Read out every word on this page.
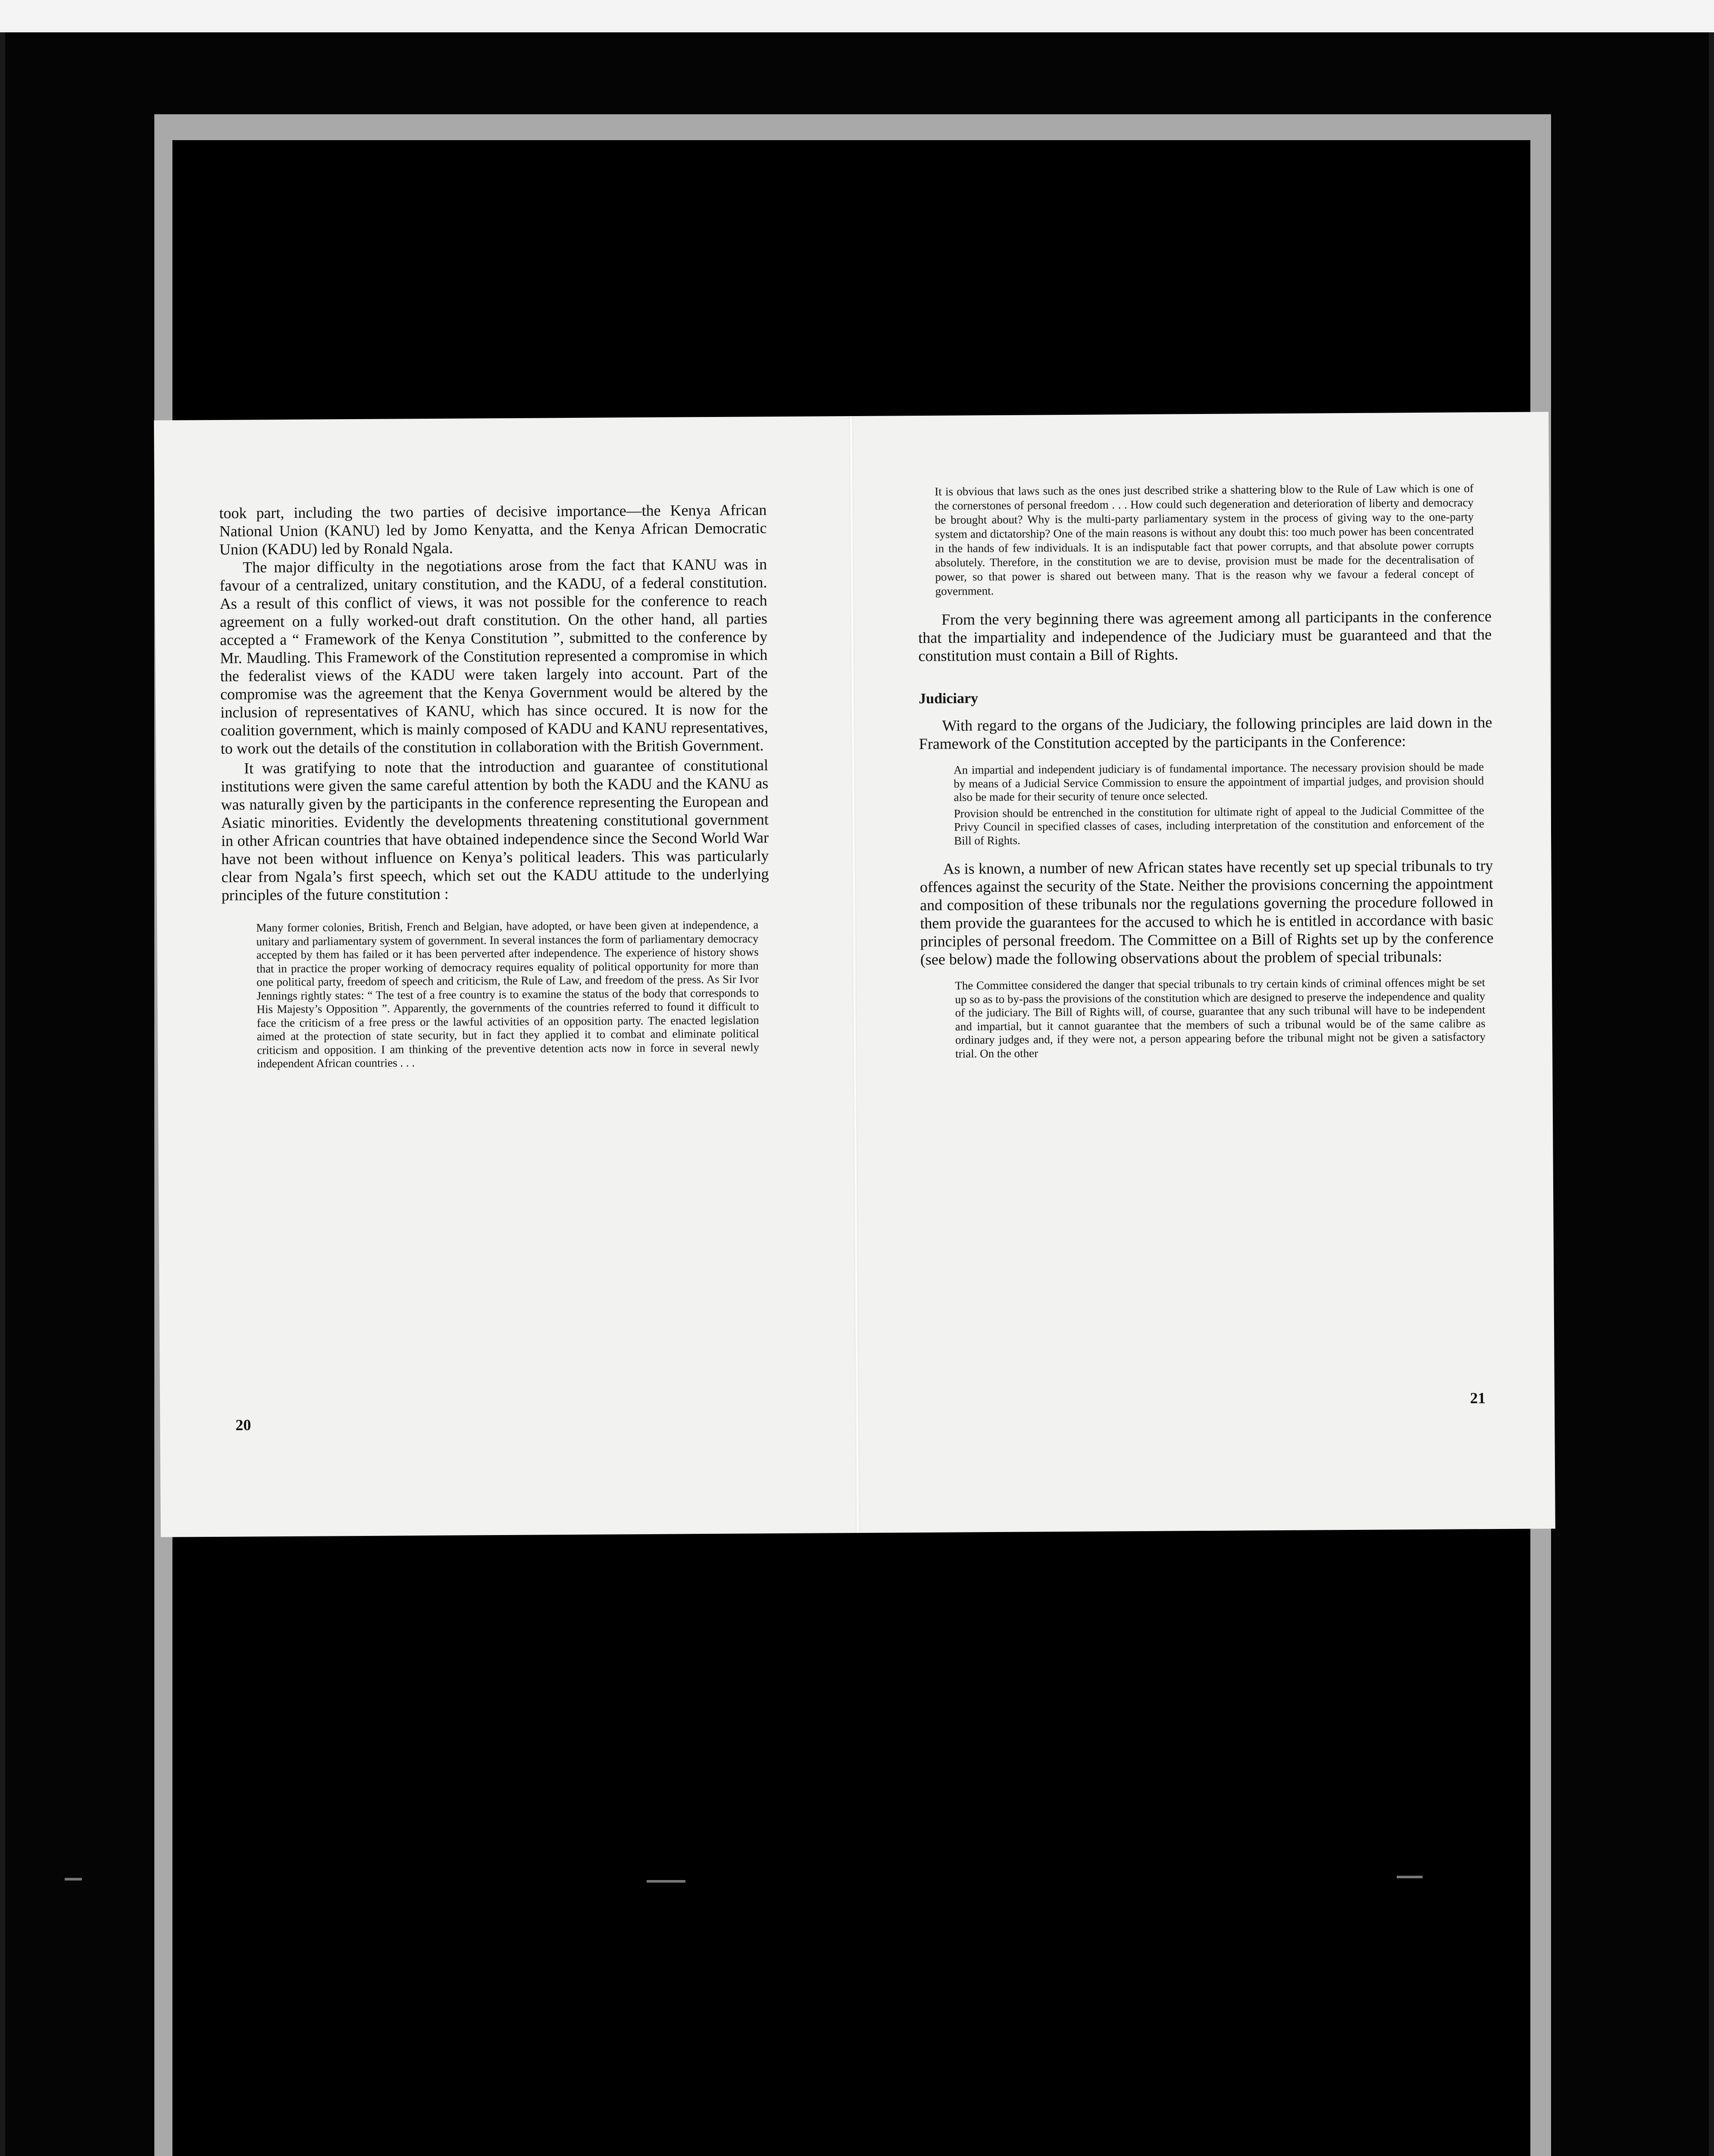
took part, including the two parties of decisive importance—the Kenya African National Union (KANU) led by Jomo Kenyatta, and the Kenya African Democratic Union (KADU) led by Ronald Ngala.

The major difficulty in the negotiations arose from the fact that KANU was in favour of a centralized, unitary constitution, and the KADU, of a federal constitution. As a result of this conflict of views, it was not possible for the conference to reach agreement on a fully worked-out draft constitution. On the other hand, all parties accepted a “ Framework of the Kenya Constitution ”, submitted to the conference by Mr. Maudling. This Framework of the Constitution represented a compromise in which the federalist views of the KADU were taken largely into account. Part of the compromise was the agreement that the Kenya Government would be altered by the inclusion of representatives of KANU, which has since occured. It is now for the coalition government, which is mainly composed of KADU and KANU representatives, to work out the details of the constitution in collaboration with the British Government.

It was gratifying to note that the introduction and guarantee of constitutional institutions were given the same careful attention by both the KADU and the KANU as was naturally given by the participants in the conference representing the European and Asiatic minorities. Evidently the developments threatening constitutional government in other African countries that have obtained independence since the Second World War have not been without influence on Kenya’s political leaders. This was particularly clear from Ngala’s first speech, which set out the KADU attitude to the underlying principles of the future constitution :

Many former colonies, British, French and Belgian, have adopted, or have been given at independence, a unitary and parliamentary system of government. In several instances the form of parliamentary democracy accepted by them has failed or it has been perverted after independence. The experience of history shows that in practice the proper working of democracy requires equality of political opportunity for more than one political party, freedom of speech and criticism, the Rule of Law, and freedom of the press. As Sir Ivor Jennings rightly states: “ The test of a free country is to examine the status of the body that corresponds to His Majesty’s Opposition ”. Apparently, the governments of the countries referred to found it difficult to face the criticism of a free press or the lawful activities of an opposition party. The enacted legislation aimed at the protection of state security, but in fact they applied it to combat and eliminate political criticism and opposition. I am thinking of the preventive detention acts now in force in several newly independent African countries . . .

20

It is obvious that laws such as the ones just described strike a shattering blow to the Rule of Law which is one of the cornerstones of personal freedom . . . How could such degeneration and deterioration of liberty and democracy be brought about? Why is the multi-party parliamentary system in the process of giving way to the one-party system and dictatorship? One of the main reasons is without any doubt this: too much power has been concentrated in the hands of few individuals. It is an indisputable fact that power corrupts, and that absolute power corrupts absolutely. Therefore, in the constitution we are to devise, provision must be made for the decentralisation of power, so that power is shared out between many. That is the reason why we favour a federal concept of government.

From the very beginning there was agreement among all participants in the conference that the impartiality and independence of the Judiciary must be guaranteed and that the constitution must contain a Bill of Rights.

Judiciary

With regard to the organs of the Judiciary, the following principles are laid down in the Framework of the Constitution accepted by the participants in the Conference:

An impartial and independent judiciary is of fundamental importance. The necessary provision should be made by means of a Judicial Service Commission to ensure the appointment of impartial judges, and provision should also be made for their security of tenure once selected.

Provision should be entrenched in the constitution for ultimate right of appeal to the Judicial Committee of the Privy Council in specified classes of cases, including interpretation of the constitution and enforcement of the Bill of Rights.

As is known, a number of new African states have recently set up special tribunals to try offences against the security of the State. Neither the provisions concerning the appointment and composition of these tribunals nor the regulations governing the procedure followed in them provide the guarantees for the accused to which he is entitled in accordance with basic principles of personal freedom. The Committee on a Bill of Rights set up by the conference (see below) made the following observations about the problem of special tribunals:

The Committee considered the danger that special tribunals to try certain kinds of criminal offences might be set up so as to by-pass the provisions of the constitution which are designed to preserve the independence and quality of the judiciary. The Bill of Rights will, of course, guarantee that any such tribunal will have to be independent and impartial, but it cannot guarantee that the members of such a tribunal would be of the same calibre as ordinary judges and, if they were not, a person appearing before the tribunal might not be given a satisfactory trial. On the other

21
